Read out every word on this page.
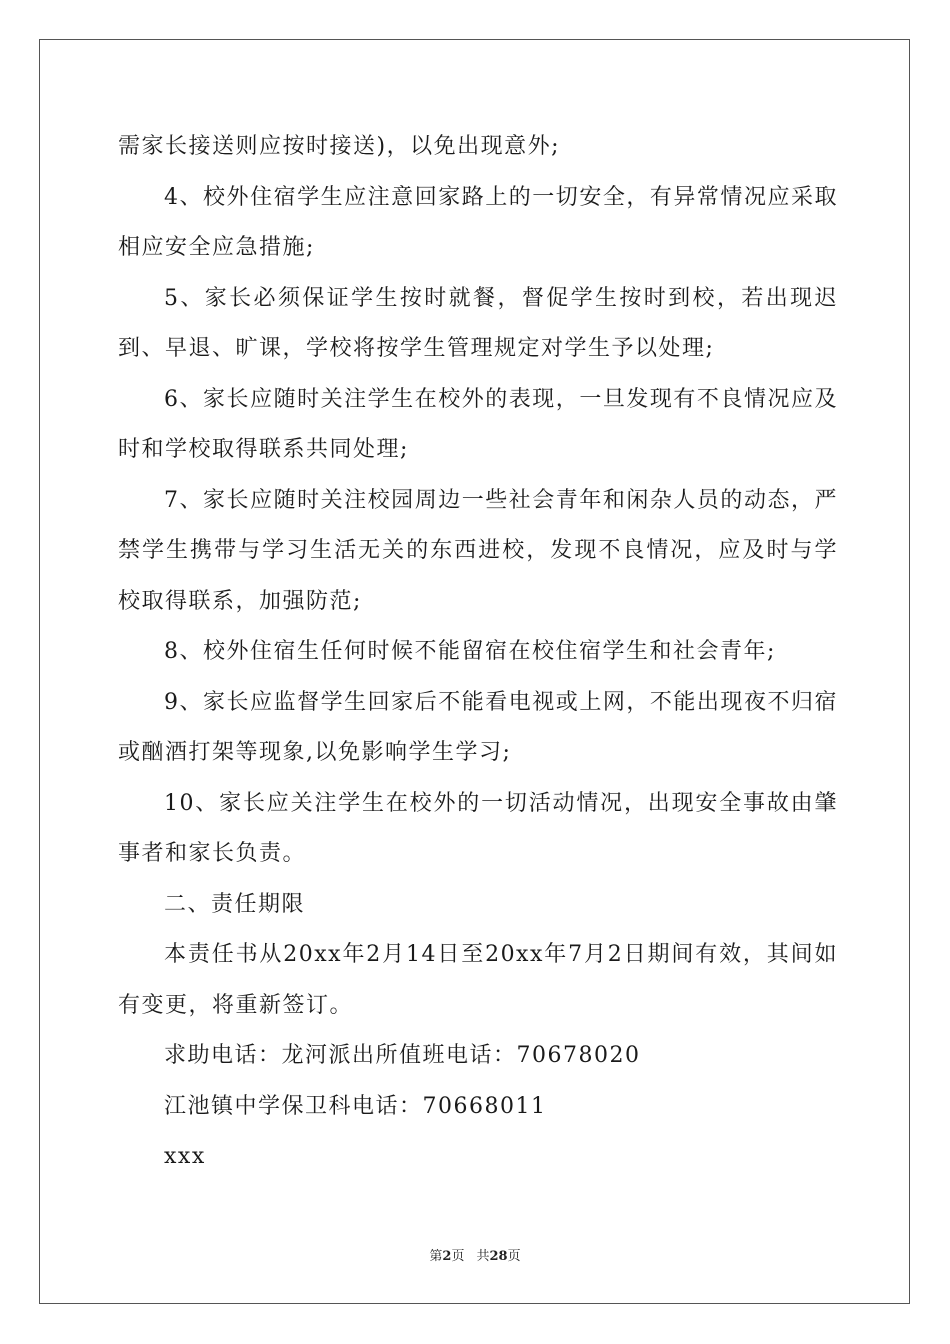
需家长接送则应按时接送)，以免出现意外;

4、校外住宿学生应注意回家路上的一切安全，有异常情况应采取相应安全应急措施;

5、家长必须保证学生按时就餐，督促学生按时到校，若出现迟到、早退、旷课，学校将按学生管理规定对学生予以处理;

6、家长应随时关注学生在校外的表现，一旦发现有不良情况应及时和学校取得联系共同处理;

7、家长应随时关注校园周边一些社会青年和闲杂人员的动态，严禁学生携带与学习生活无关的东西进校，发现不良情况，应及时与学校取得联系，加强防范;

8、校外住宿生任何时候不能留宿在校住宿学生和社会青年;

9、家长应监督学生回家后不能看电视或上网，不能出现夜不归宿或酗酒打架等现象,以免影响学生学习;

10、家长应关注学生在校外的一切活动情况，出现安全事故由肇事者和家长负责。

二、责任期限

本责任书从20xx年2月14日至20xx年7月2日期间有效，其间如有变更，将重新签订。

求助电话：龙河派出所值班电话：70678020

江池镇中学保卫科电话：70668011

xxx

第2页 共28页
